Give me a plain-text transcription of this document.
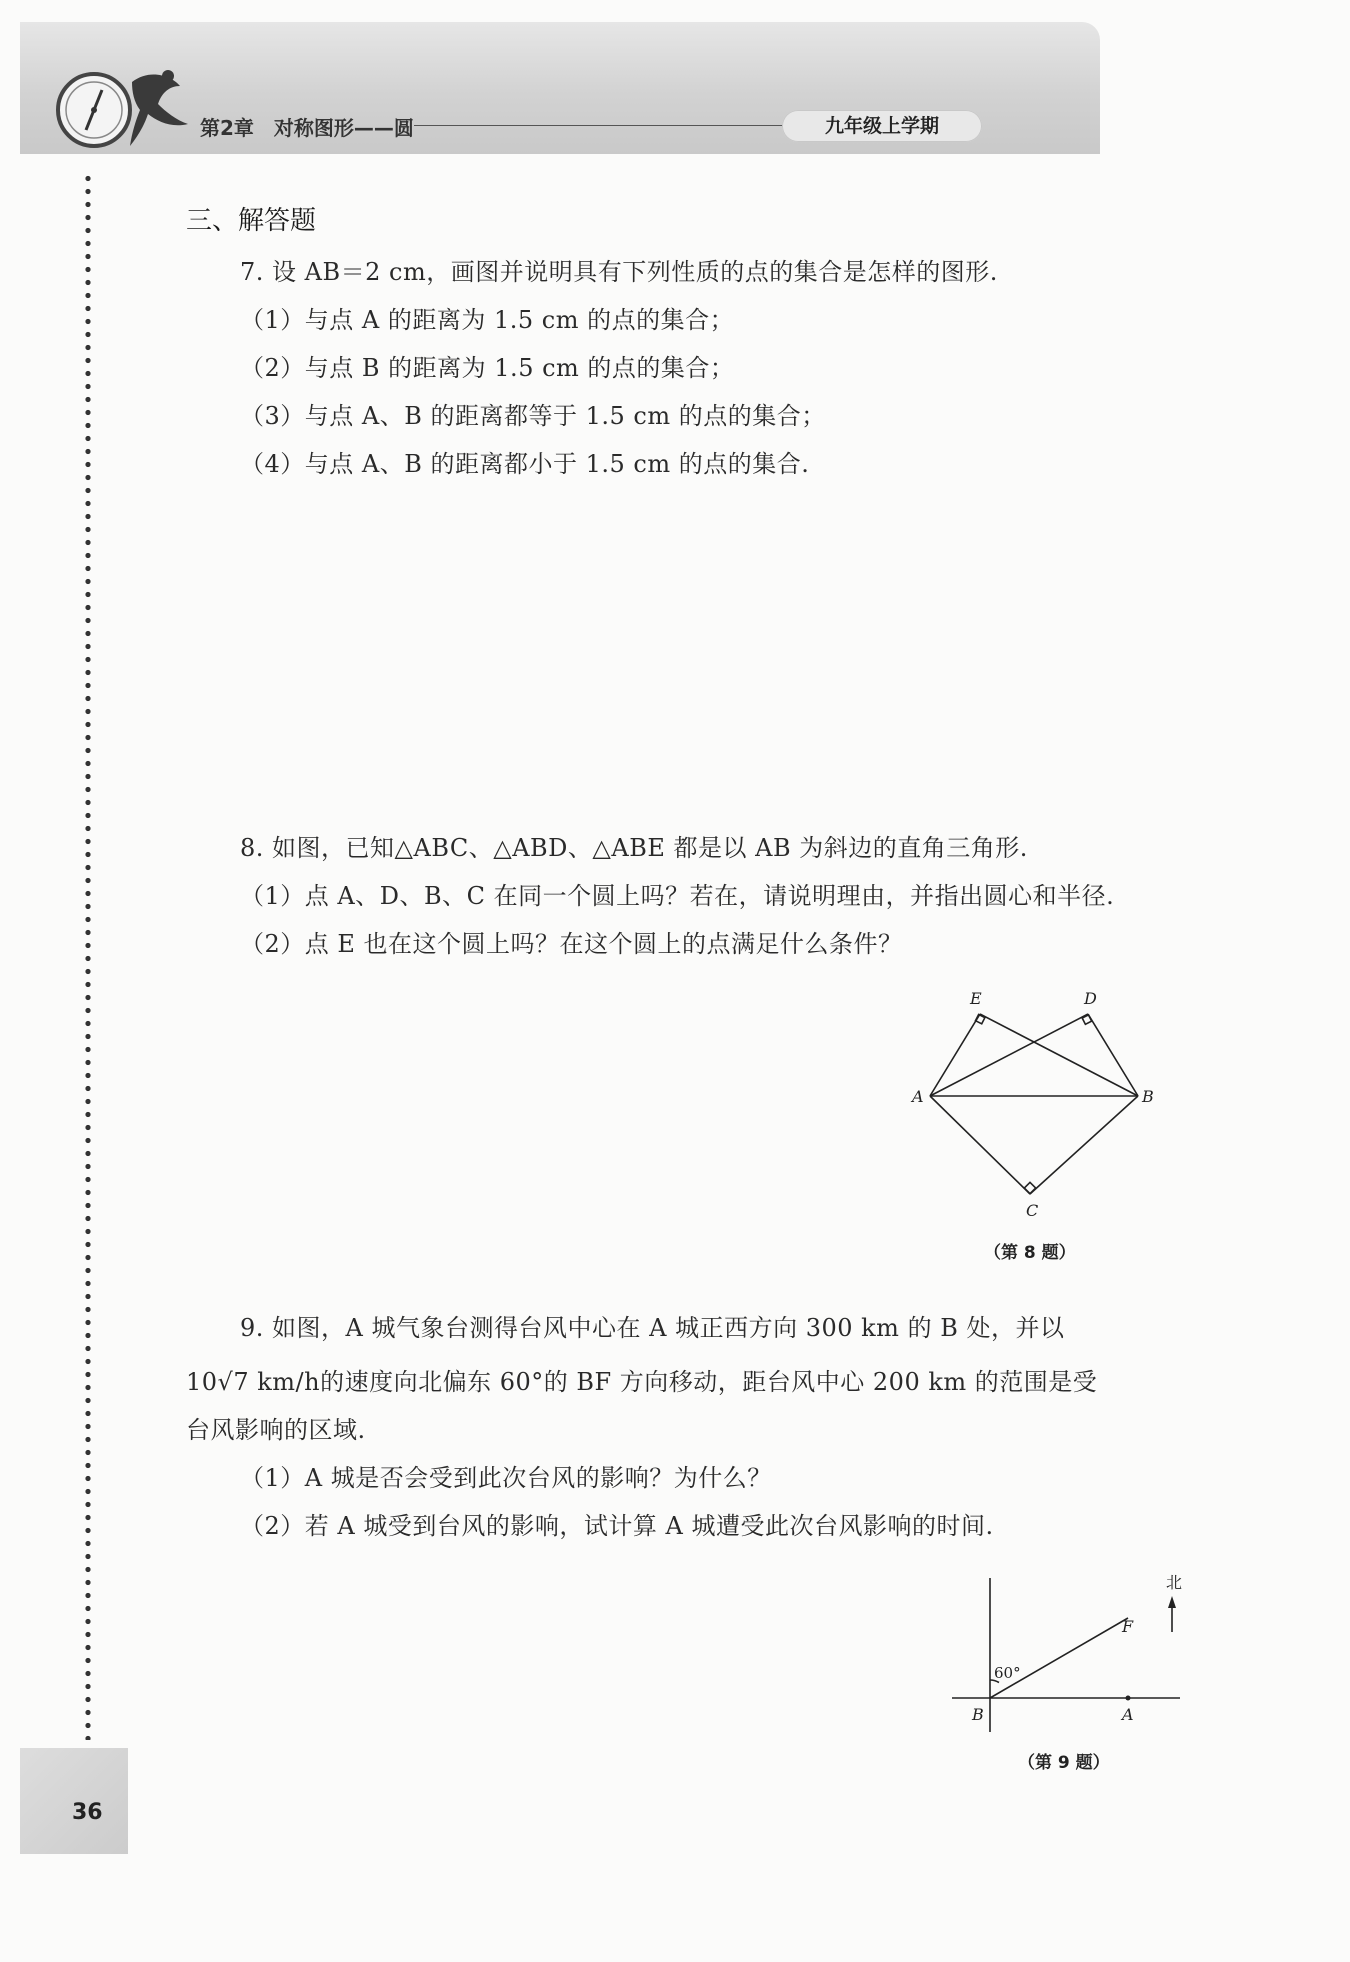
第2章　对称图形——圆	九年级上学期
36
三、解答题
7. 设 AB＝2 cm，画图并说明具有下列性质的点的集合是怎样的图形.
（1）与点 A 的距离为 1.5 cm 的点的集合；
（2）与点 B 的距离为 1.5 cm 的点的集合；
（3）与点 A、B 的距离都等于 1.5 cm 的点的集合；
（4）与点 A、B 的距离都小于 1.5 cm 的点的集合.
8. 如图，已知△ABC、△ABD、△ABE 都是以 AB 为斜边的直角三角形.
（1）点 A、D、B、C 在同一个圆上吗？若在，请说明理由，并指出圆心和半径.
（2）点 E 也在这个圆上吗？在这个圆上的点满足什么条件？
E	D
A	B
C
（第 8 题）
9. 如图，A 城气象台测得台风中心在 A 城正西方向 300 km 的 B 处，并以
10√7 km/h的速度向北偏东 60°的 BF 方向移动，距台风中心 200 km 的范围是受
台风影响的区域.
（1）A 城是否会受到此次台风的影响？为什么？
（2）若 A 城受到台风的影响，试计算 A 城遭受此次台风影响的时间.
北
F
60°
B	A
（第 9 题）
